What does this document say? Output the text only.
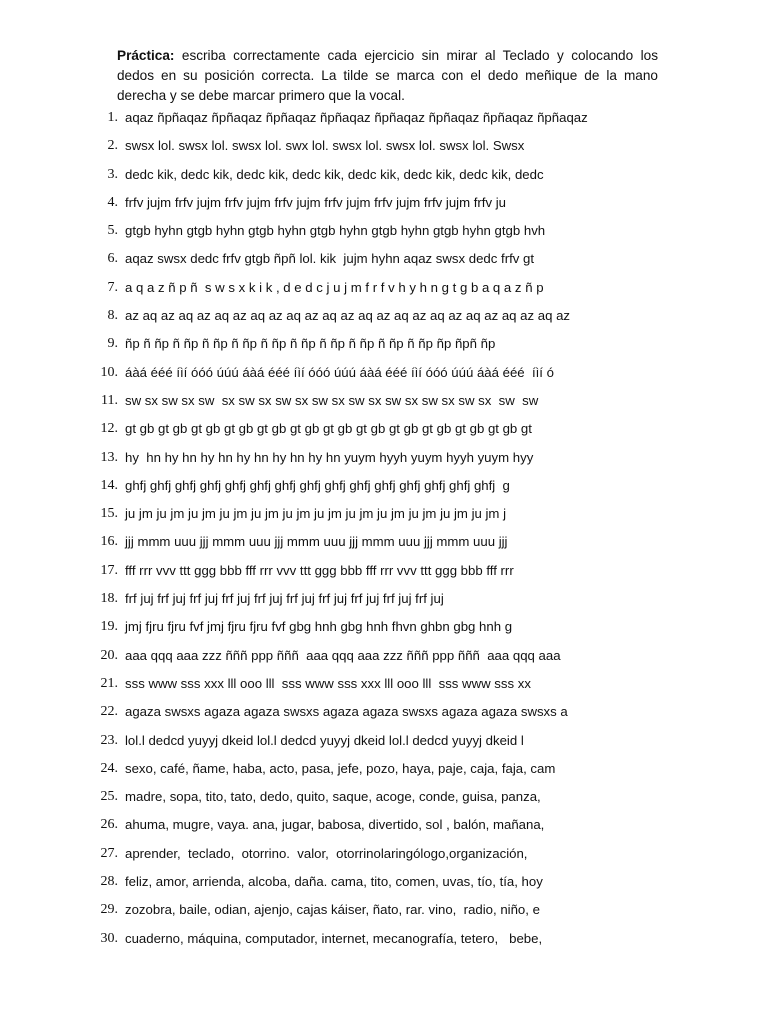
Práctica: escriba correctamente cada ejercicio sin mirar al Teclado y colocando los dedos en su posición correcta. La tilde se marca con el dedo meñique de la mano derecha y se debe marcar primero que la vocal.

1. aqaz ñpñaqaz ñpñaqaz ñpñaqaz ñpñaqaz ñpñaqaz ñpñaqaz ñpñaqaz ñpñaqaz
2. swsx lol. swsx lol. swsx lol. swx lol. swsx lol. swsx lol. swsx lol. Swsx
3. dedc kik, dedc kik, dedc kik, dedc kik, dedc kik, dedc kik, dedc kik, dedc
4. frfv jujm frfv jujm frfv jujm frfv jujm frfv jujm frfv jujm frfv jujm frfv ju
5. gtgb hyhn gtgb hyhn gtgb hyhn gtgb hyhn gtgb hyhn gtgb hyhn gtgb hvh
6. aqaz swsx dedc frfv gtgb ñpñ lol. kik  jujm hyhn aqaz swsx dedc frfv gt
7. a q a z ñ p ñ  s w s x k i k , d e d c j u j m f r f v h y h n g t g b a q a z ñ p
8. az aq az aq az aq az aq az aq az aq az aq az aq az aq az aq az aq az aq az
9. ñp ñ ñp ñ ñp ñ ñp ñ ñp ñ ñp ñ ñp ñ ñp ñ ñp ñ ñp ñ ñp ñp ñpñ ñp
10. áàá ééé íìí óóó úúú áàá ééé íìí óóó úúú áàá ééé íìí óóó úúú áàá ééé  íìí ó
11. sw sx sw sx sw  sx sw sx sw sx sw sx sw sx sw sx sw sx sw sx  sw  sw
12. gt gb gt gb gt gb gt gb gt gb gt gb gt gb gt gb gt gb gt gb gt gb gt gb gt
13. hy  hn hy hn hy hn hy hn hy hn hy hn yuym hyyh yuym hyyh yuym hyy
14. ghfj ghfj ghfj ghfj ghfj ghfj ghfj ghfj ghfj ghfj ghfj ghfj ghfj ghfj ghfj  g
15. ju jm ju jm ju jm ju jm ju jm ju jm ju jm ju jm ju jm ju jm ju jm ju jm j
16. jjj mmm uuu jjj mmm uuu jjj mmm uuu jjj mmm uuu jjj mmm uuu jjj
17. fff rrr vvv ttt ggg bbb fff rrr vvv ttt ggg bbb fff rrr vvv ttt ggg bbb fff rrr
18. frf juj frf juj frf juj frf juj frf juj frf juj frf juj frf juj frf juj frf juj
19. jmj fjru fjru fvf jmj fjru fjru fvf gbg hnh gbg hnh fhvn ghbn gbg hnh g
20. aaa qqq aaa zzz ñññ ppp ñññ  aaa qqq aaa zzz ñññ ppp ñññ  aaa qqq aaa
21. sss www sss xxx lll ooo lll  sss www sss xxx lll ooo lll  sss www sss xx
22. agaza swsxs agaza agaza swsxs agaza agaza swsxs agaza agaza swsxs a
23. lol.l dedcd yuyyj dkeid lol.l dedcd yuyyj dkeid lol.l dedcd yuyyj dkeid l
24. sexo, café, ñame, haba, acto, pasa, jefe, pozo, haya, paje, caja, faja, cam
25. madre, sopa, tito, tato, dedo, quito, saque, acoge, conde, guisa, panza,
26. ahuma, mugre, vaya. ana, jugar, babosa, divertido, sol , balón, mañana,
27. aprender,  teclado,  otorrino.  valor,  otorrinolaringólogo,organización,
28. feliz, amor, arrienda, alcoba, daña. cama, tito, comen, uvas, tío, tía, hoy
29. zozobra, baile, odian, ajenjo, cajas káiser, ñato, rar. vino,  radio, niño, e
30. cuaderno, máquina, computador, internet, mecanografía, tetero,   bebe,
